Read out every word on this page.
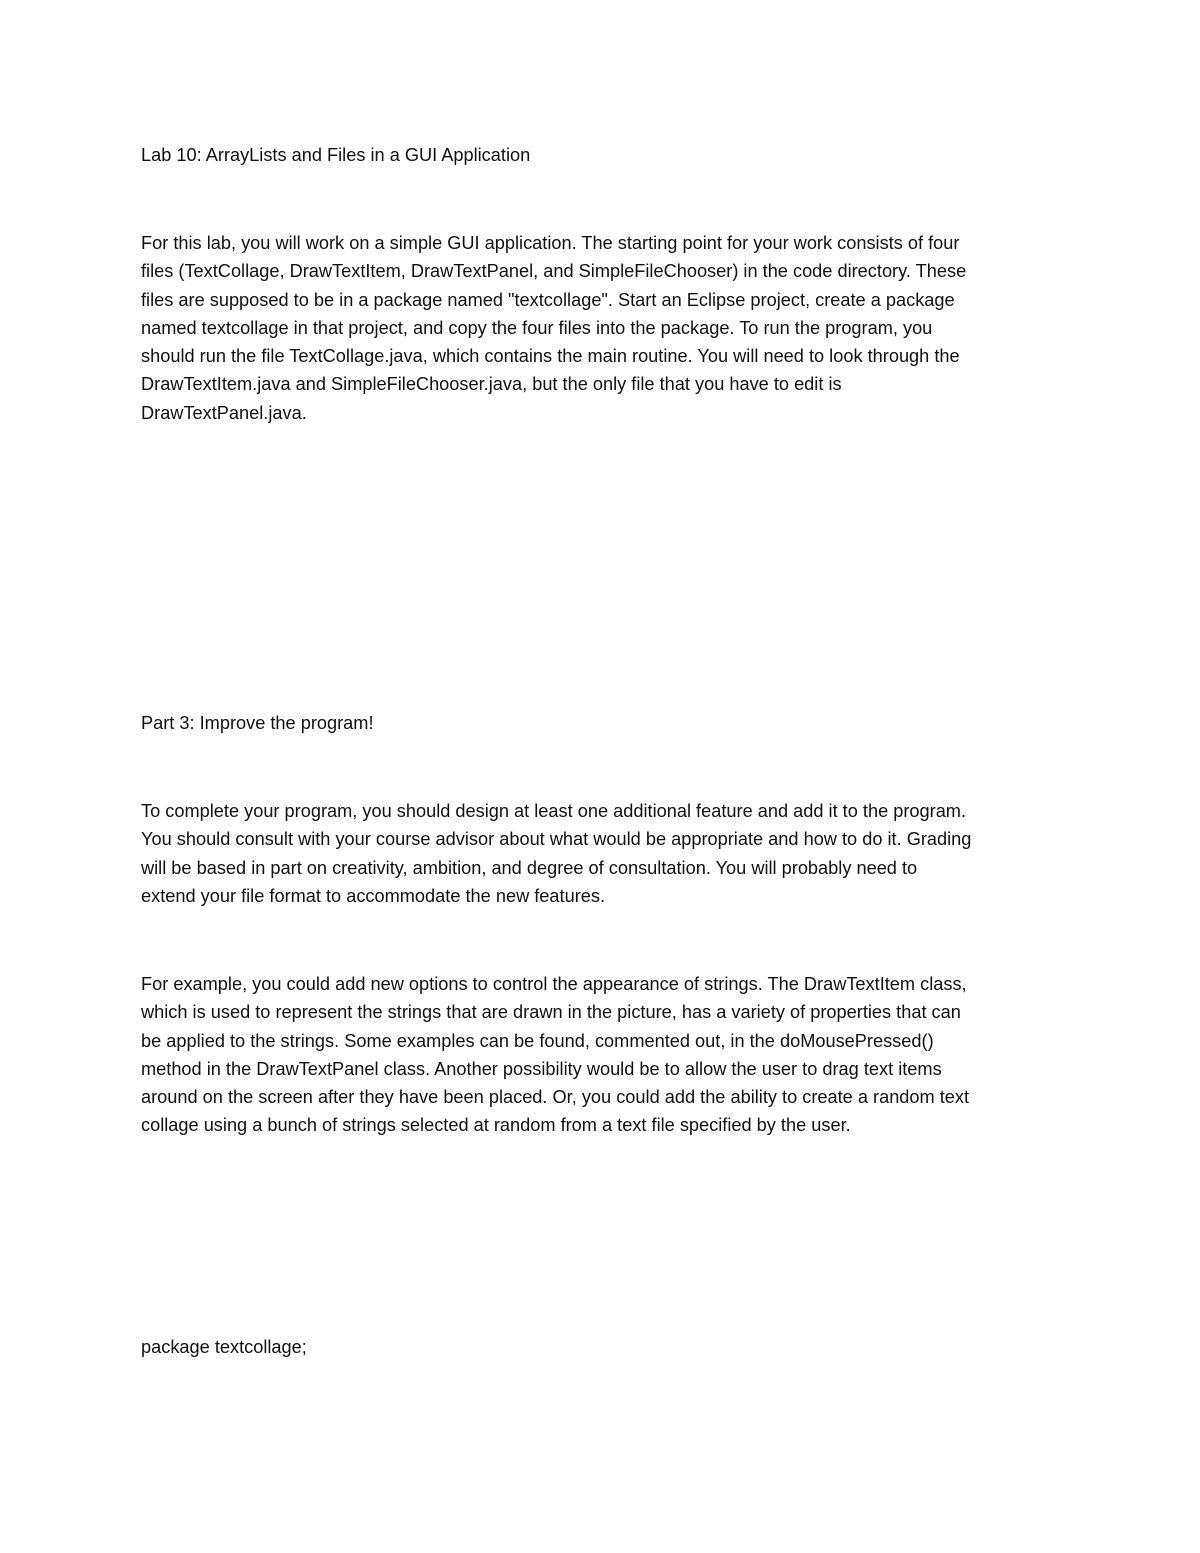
Lab 10: ArrayLists and Files in a GUI Application

For this lab, you will work on a simple GUI application. The starting point for your work consists of four
files (TextCollage, DrawTextItem, DrawTextPanel, and SimpleFileChooser) in the code directory. These
files are supposed to be in a package named "textcollage". Start an Eclipse project, create a package
named textcollage in that project, and copy the four files into the package. To run the program, you
should run the file TextCollage.java, which contains the main routine. You will need to look through the
DrawTextItem.java and SimpleFileChooser.java, but the only file that you have to edit is
DrawTextPanel.java.

Part 3: Improve the program!

To complete your program, you should design at least one additional feature and add it to the program.
You should consult with your course advisor about what would be appropriate and how to do it. Grading
will be based in part on creativity, ambition, and degree of consultation. You will probably need to
extend your file format to accommodate the new features.

For example, you could add new options to control the appearance of strings. The DrawTextItem class,
which is used to represent the strings that are drawn in the picture, has a variety of properties that can
be applied to the strings. Some examples can be found, commented out, in the doMousePressed()
method in the DrawTextPanel class. Another possibility would be to allow the user to drag text items
around on the screen after they have been placed. Or, you could add the ability to create a random text
collage using a bunch of strings selected at random from a text file specified by the user.

package textcollage;
